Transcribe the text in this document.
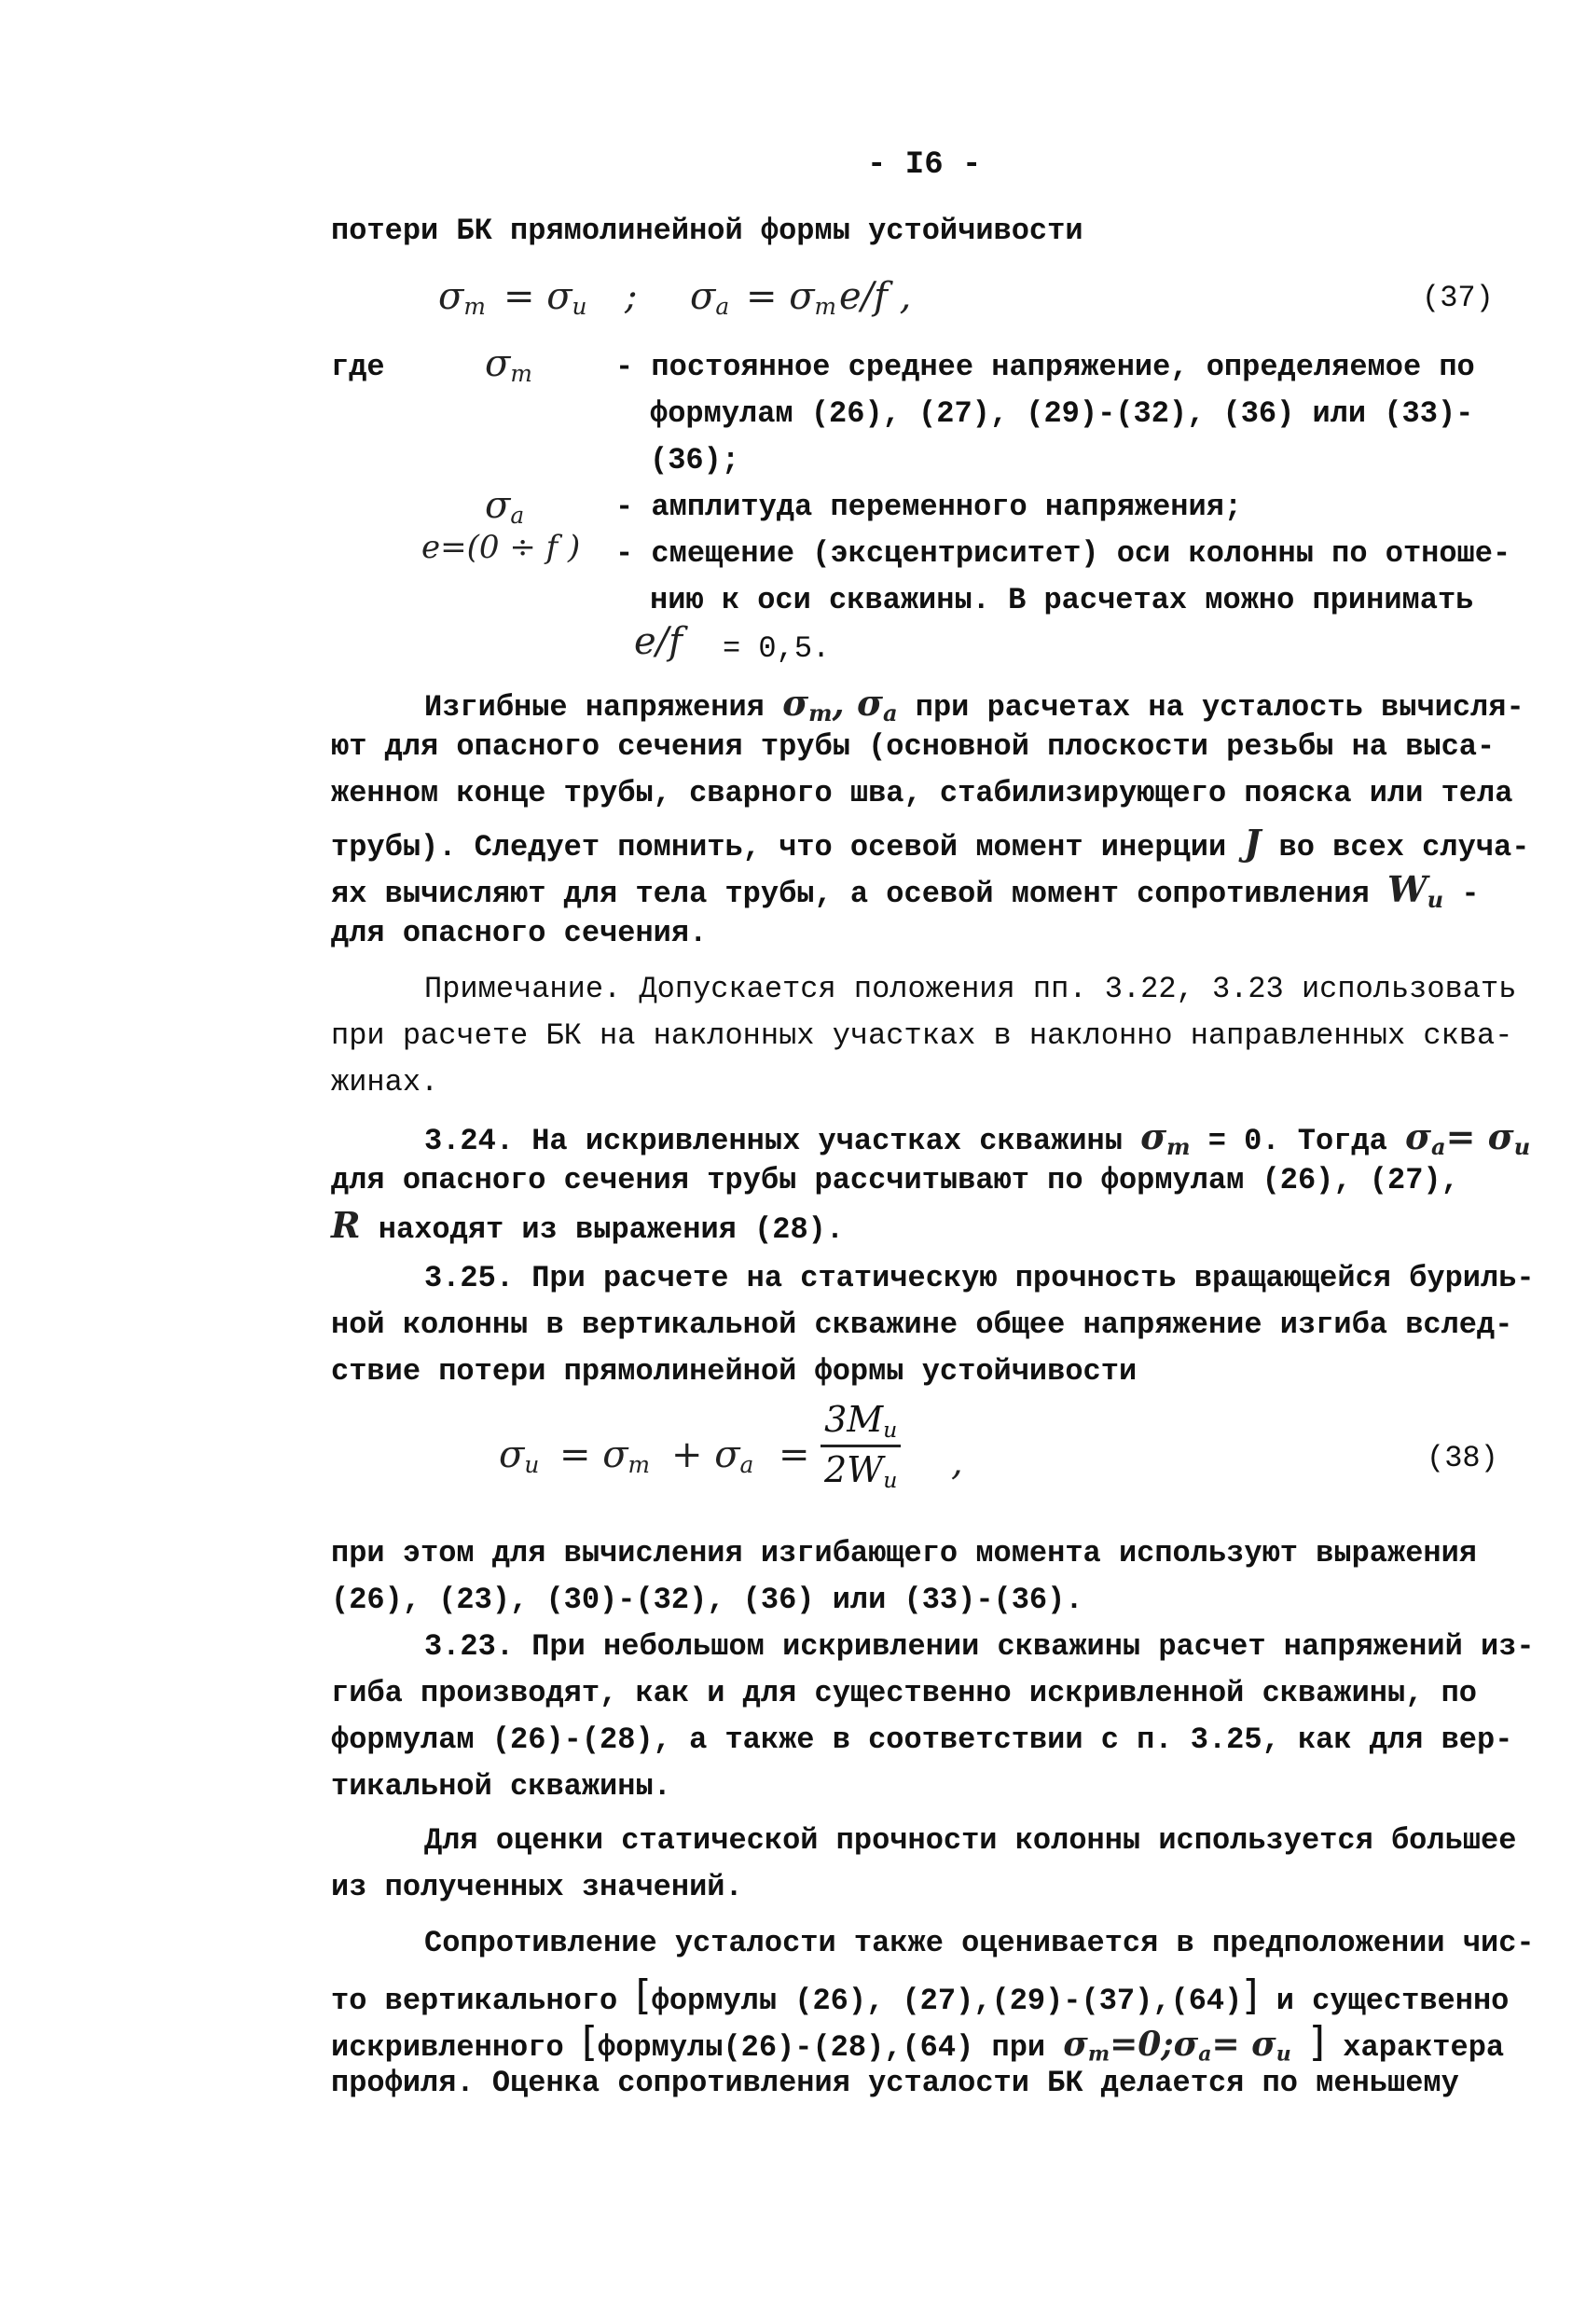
- I6 -
потери БК прямолинейной формы устойчивости
$\sigma_m = \sigma_и$ ; $\sigma_a = \sigma_m$ e/f ,	(37)
где	$\sigma_m$	- постоянное среднее напряжение, определяемое по
формулам (26), (27), (29)-(32), (36) или (33)-
(36);
$\sigma_a$	- амплитуда переменного напряжения;
e=(0 ÷ f ) - смещение (эксцентриситет) оси колонны по отноше-
нию к оси скважины. В расчетах можно принимать
e/f = 0,5.
Изгибные напряжения $\sigma_m$, $\sigma_a$ при расчетах на усталость вычисля-
ют для опасного сечения трубы (основной плоскости резьбы на выса-
женном конце трубы, сварного шва, стабилизирующего пояска или тела
трубы). Следует помнить, что осевой момент инерции J во всех случа-
ях вычисляют для тела трубы, а осевой момент сопротивления $W_и$ -
для опасного сечения.
Примечание. Допускается положения пп. 3.22, 3.23 использовать
при расчете БК на наклонных участках в наклонно направленных сква-
жинах.
3.24. На искривленных участках скважины $\sigma_m = 0$. Тогда $\sigma_a= \sigma_и$
для опасного сечения трубы рассчитывают по формулам (26), (27),
R находят из выражения (28).
3.25. При расчете на статическую прочность вращающейся буриль-
ной колонны в вертикальной скважине общее напряжение изгиба вслед-
ствие потери прямолинейной формы устойчивости
$\sigma_и = \sigma_m + \sigma_a$ =
$3M_и$
$2W_и$ ,	(38)
при этом для вычисления изгибающего момента используют выражения
(26), (23), (30)-(32), (36) или (33)-(36).
3.23. При небольшом искривлении скважины расчет напряжений из-
гиба производят, как и для существенно искривленной скважины, по
формулам (26)-(28), а также в соответствии с п. 3.25, как для вер-
тикальной скважины.
Для оценки статической прочности колонны используется большее
из полученных значений.
Сопротивление усталости также оценивается в предположении чис-
то вертикального [формулы (26), (27),(29)-(37),(64)] и существенно
искривленного [формулы(26)-(28),(64) при $\sigma_m=0;\sigma_a= \sigma_и$ ] характера
профиля. Оценка сопротивления усталости БК делается по меньшему
